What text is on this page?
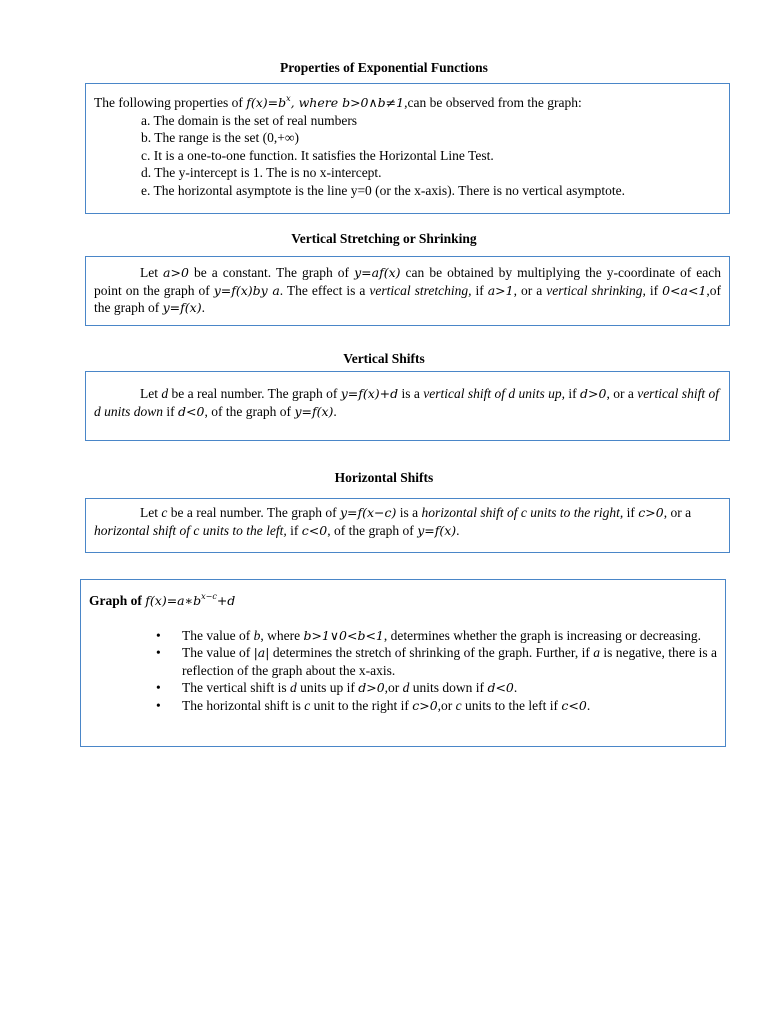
Properties of Exponential Functions

The following properties of $f(x)=b^x$, where b>0∧b≠1,can be observed from the graph:

a. The domain is the set of real numbers

b. The range is the set (0,+∞)

c. It is a one-to-one function. It satisfies the Horizontal Line Test.

d. The y-intercept is 1. The is no x-intercept.

e. The horizontal asymptote is the line y=0 (or the x-axis). There is no vertical asymptote.

Vertical Stretching or Shrinking

Let a>0 be a constant. The graph of y=af(x) can be obtained by multiplying the y-coordinate of each point on the graph of y=f(x)by a. The effect is a vertical stretching, if a>1, or a vertical shrinking, if 0<a<1,of the graph of y=f(x).

Vertical Shifts

Let d be a real number. The graph of y=f(x)+d is a vertical shift of d units up, if d>0, or a vertical shift of d units down if d<0, of the graph of y=f(x).

Horizontal Shifts

Let c be a real number. The graph of y=f(x−c) is a horizontal shift of c units to the right, if c>0, or a horizontal shift of c units to the left, if c<0, of the graph of y=f(x).

Graph of $f(x)=a∗b^{x-c}+d$

• The value of b, where b>1∨0<b<1, determines whether the graph is increasing or decreasing.
• The value of |a| determines the stretch of shrinking of the graph. Further, if a is negative, there is a reflection of the graph about the x-axis.
• The vertical shift is d units up if d>0,or d units down if d<0.
• The horizontal shift is c unit to the right if c>0,or c units to the left if c<0.
